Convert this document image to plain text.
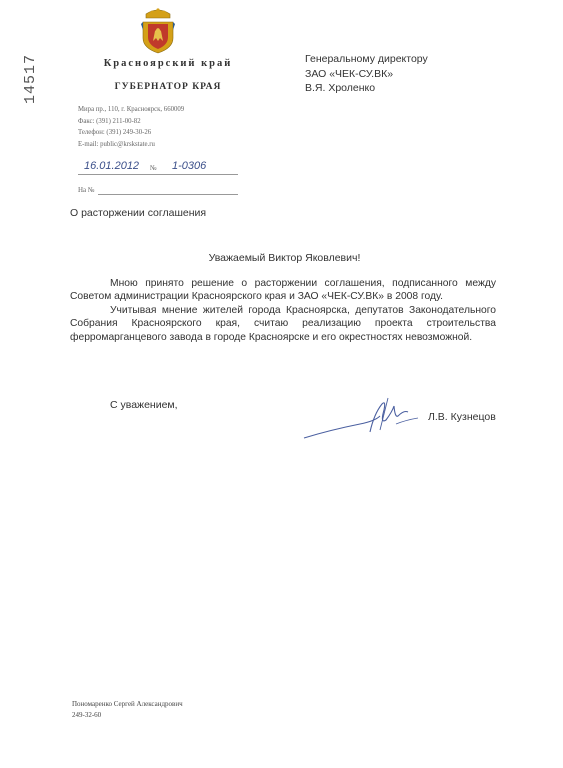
14517	Красноярский край
ГУБЕРНАТОР КРАЯ
Мира пр., 110, г. Красноярск, 660009
Факс: (391) 211-00-82
Телефон: (391) 249-30-26
E-mail: public@krskstate.ru
16.01.2012 № 1-0306
На №
Генеральному директору
ЗАО «ЧЕК-СУ.ВК»
В.Я. Хроленко
О расторжении соглашения
Уважаемый Виктор Яковлевич!

Мною принято решение о расторжении соглашения, подписанного между Советом администрации Красноярского края и ЗАО «ЧЕК-СУ.ВК» в 2008 году.

Учитывая мнение жителей города Красноярска, депутатов Законодательного Собрания Красноярского края, считаю реализацию проекта строительства ферромарганцевого завода в городе Красноярске и его окрестностях невозможной.

С уважением,
Л.В. Кузнецов
Пономаренко Сергей Александрович
249-32-60
